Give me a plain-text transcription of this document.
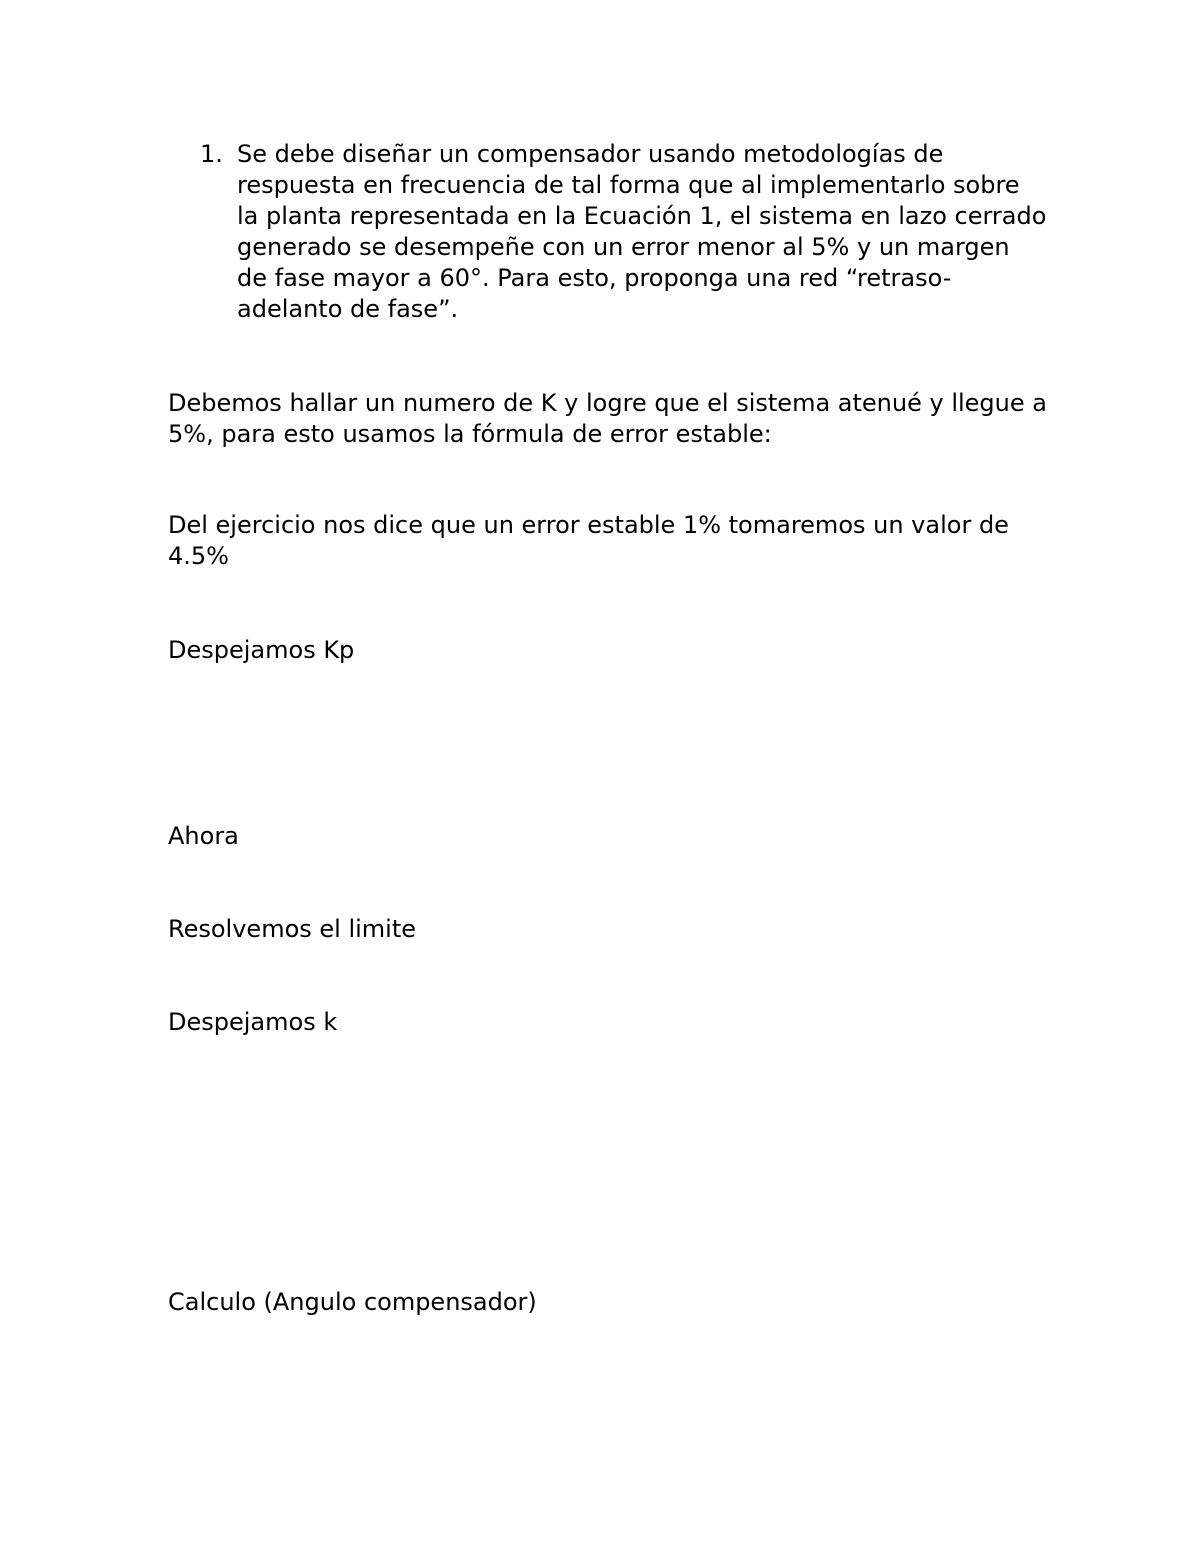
1. Se debe diseñar un compensador usando metodologías de
respuesta en frecuencia de tal forma que al implementarlo sobre
la planta representada en la Ecuación 1, el sistema en lazo cerrado
generado se desempeñe con un error menor al 5% y un margen
de fase mayor a 60°. Para esto, proponga una red “retraso-
adelanto de fase”.
Debemos hallar un numero de K y logre que el sistema atenué y llegue a
5%, para esto usamos la fórmula de error estable:
Del ejercicio nos dice que un error estable 1% tomaremos un valor de
4.5%
Despejamos Kp
Ahora
Resolvemos el limite
Despejamos k
Calculo (Angulo compensador)
